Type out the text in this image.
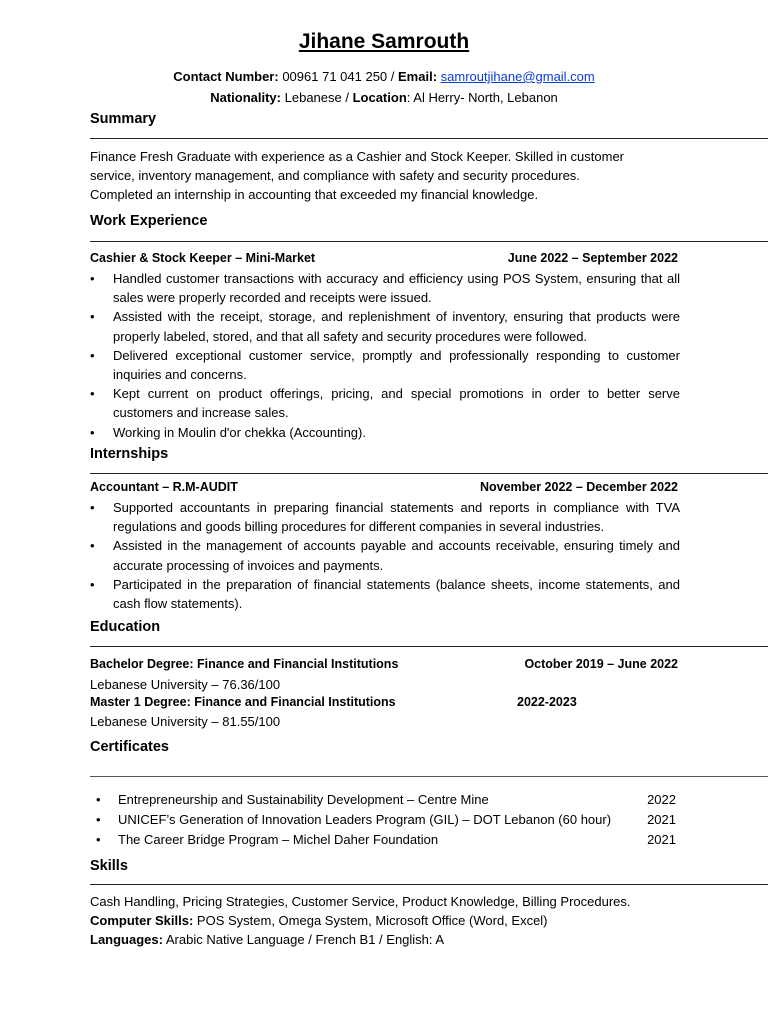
Jihane Samrouth
Contact Number: 00961 71 041 250 / Email: samroutjihane@gmail.com
Nationality: Lebanese / Location: Al Herry- North, Lebanon
Summary
Finance Fresh Graduate with experience as a Cashier and Stock Keeper. Skilled in customer
service, inventory management, and compliance with safety and security procedures.
Completed an internship in accounting that exceeded my financial knowledge.
Work Experience
Cashier & Stock Keeper – Mini-Market	June 2022 – September 2022
• Handled customer transactions with accuracy and efficiency using POS System, ensuring that all sales were properly recorded and receipts were issued.
• Assisted with the receipt, storage, and replenishment of inventory, ensuring that products were properly labeled, stored, and that all safety and security procedures were followed.
• Delivered exceptional customer service, promptly and professionally responding to customer inquiries and concerns.
• Kept current on product offerings, pricing, and special promotions in order to better serve customers and increase sales.
• Working in Moulin d'or chekka (Accounting).
Internships
Accountant – R.M-AUDIT	November 2022 – December 2022
• Supported accountants in preparing financial statements and reports in compliance with TVA regulations and goods billing procedures for different companies in several industries.
• Assisted in the management of accounts payable and accounts receivable, ensuring timely and accurate processing of invoices and payments.
• Participated in the preparation of financial statements (balance sheets, income statements, and cash flow statements).
Education
Bachelor Degree: Finance and Financial Institutions	October 2019 – June 2022
Lebanese University – 76.36/100
Master 1 Degree: Finance and Financial Institutions	2022-2023
Lebanese University – 81.55/100
Certificates
• Entrepreneurship and Sustainability Development – Centre Mine	2022
• UNICEF’s Generation of Innovation Leaders Program (GIL) – DOT Lebanon (60 hour)	2021
• The Career Bridge Program – Michel Daher Foundation	2021
Skills
Cash Handling, Pricing Strategies, Customer Service, Product Knowledge, Billing Procedures.
Computer Skills: POS System, Omega System, Microsoft Office (Word, Excel)
Languages: Arabic Native Language / French B1 / English: A
